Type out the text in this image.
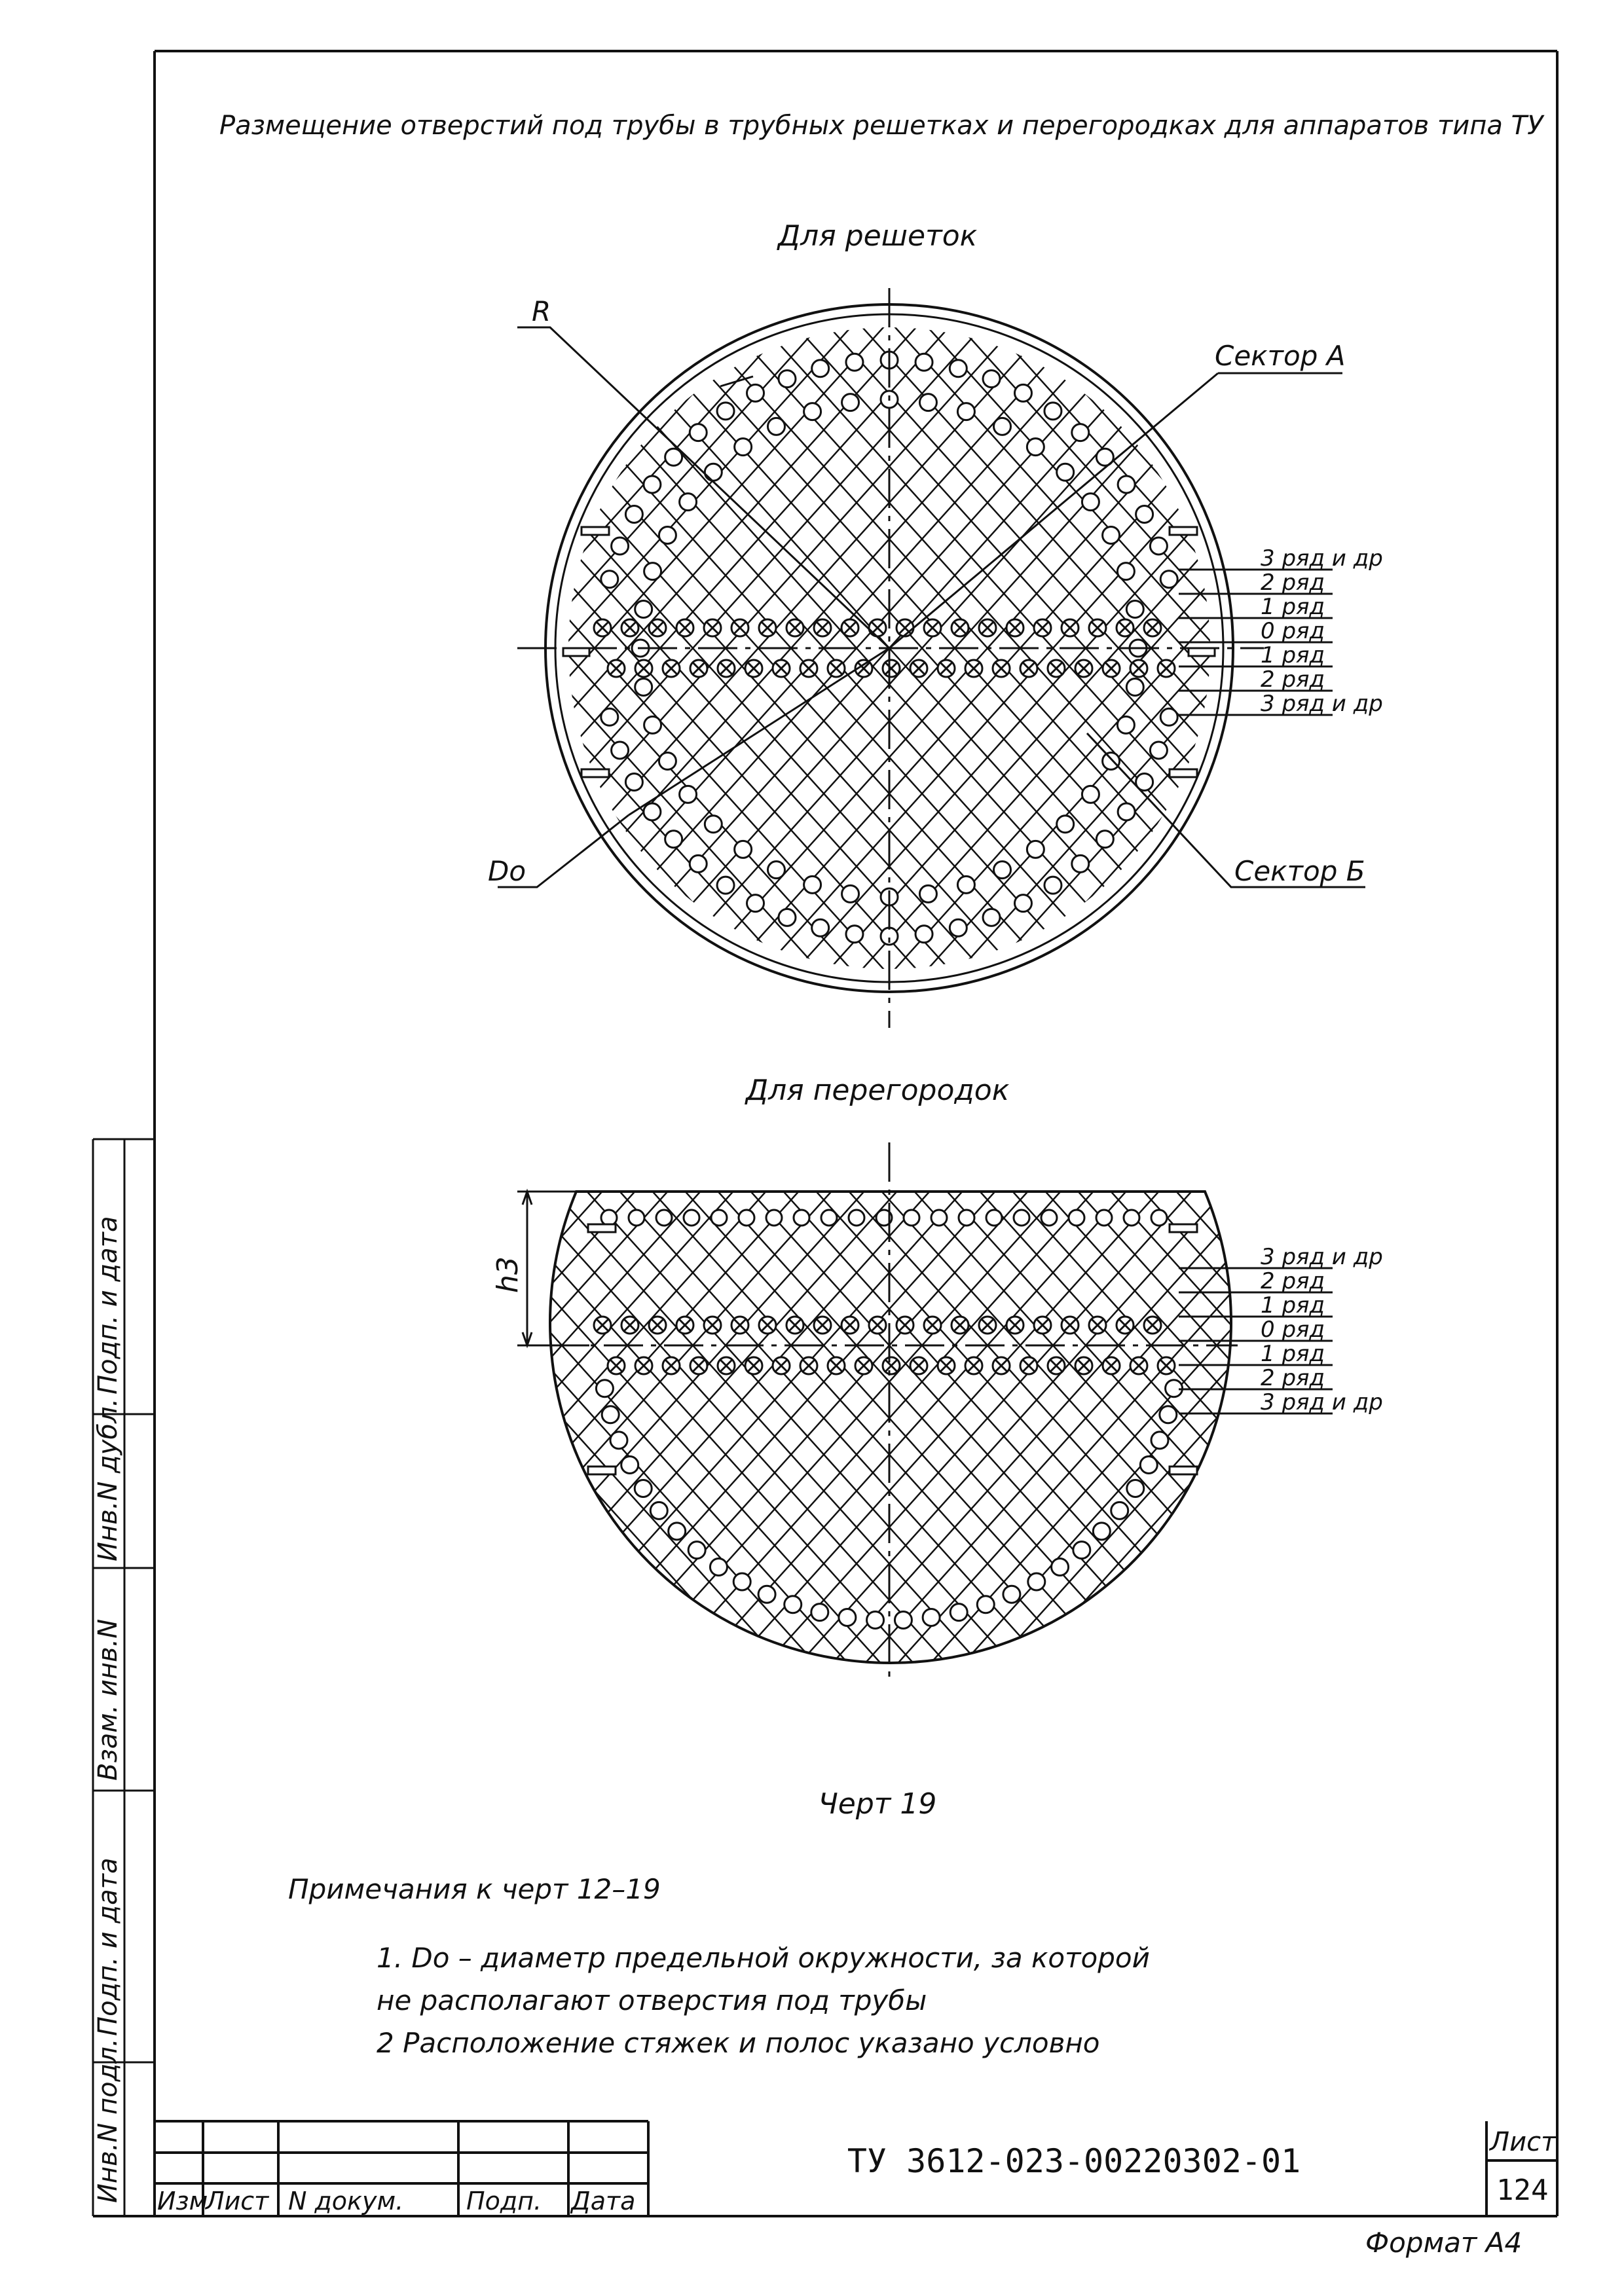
Инв.N подл.
Подп. и дата
Взам. инв.N
Инв.N дубл.
Подп. и дата
Размещение отверстий под трубы в трубных решетках и перегородках для аппаратов типа ТУ
Для решеток
Для перегородок
R
Сектор А
Do	Сектор Б
3 ряд и др
2 ряд
1 ряд
0 ряд
1 ряд
2 ряд
3 ряд и др
h3	3 ряд и др
2 ряд
1 ряд
0 ряд
1 ряд
2 ряд
3 ряд и др
Черт 19
Примечания к черт 12–19
1. Do – диаметр предельной окружности, за которой
не располагают отверстия под трубы
2 Расположение стяжек и полос указано условно
Изм
Лист N докум.	Подп. Дата
ТУ 3612-023-00220302-01	Лист
124
Формат А4
